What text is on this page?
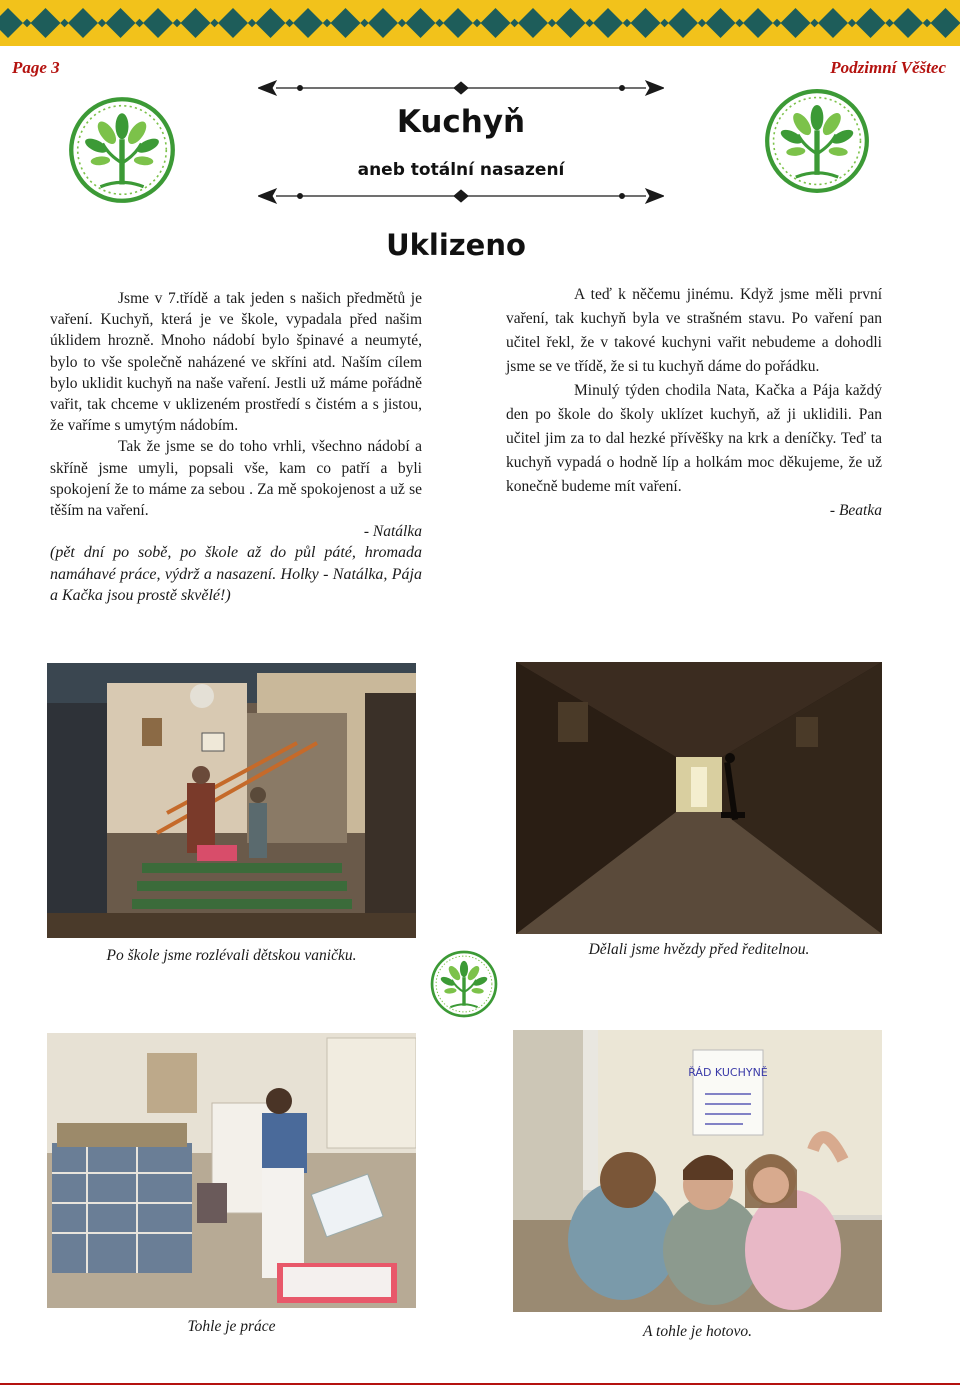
Page 3	Podzimní Věštec
Kuchyň
aneb totální nasazení
Uklizeno

Jsme v 7.třídě a tak jeden s našich předmětů je vaření. Kuchyň, která je ve škole, vypadala před našim úklidem hrozně. Mnoho nádobí bylo špinavé a neumyté, bylo to vše společně naházené ve skříni atd. Naším cílem bylo uklidit kuchyň na naše vaření. Jestli už máme pořádně vařit, tak chceme v uklizeném prostředí s čistém a s jistou, že vaříme s umytým nádobím.

Tak že jsme se do toho vrhli, všechno nádobí a skříně jsme umyli, popsali vše, kam co patří a byli spokojení že to máme za sebou . Za mě spokojenost a už se těším na vaření.

- Natálka

(pět dní po sobě, po škole až do půl páté, hromada namáhavé práce, výdrž a nasazení. Holky - Natálka, Pája a Kačka jsou prostě skvělé!)

A teď k něčemu jinému. Když jsme měli první vaření, tak kuchyň byla ve strašném stavu. Po vaření pan učitel řekl, že v takové kuchyni vařit nebudeme a dohodli jsme se ve třídě, že si tu kuchyň dáme do pořádku.

Minulý týden chodila Nata, Kačka a Pája každý den po škole do školy uklízet kuchyň, až ji uklidili. Pan učitel jim za to dal hezké přívěšky na krk a deníčky. Teď ta kuchyň vypadá o hodně líp a holkám moc děkujeme, že už konečně budeme mít vaření.

- Beatka

Po škole jsme rozlévali dětskou vaničku.	Dělali jsme hvězdy před ředitelnou.
ŘÁD KUCHYNĚ
Tohle je práce	A tohle je hotovo.
